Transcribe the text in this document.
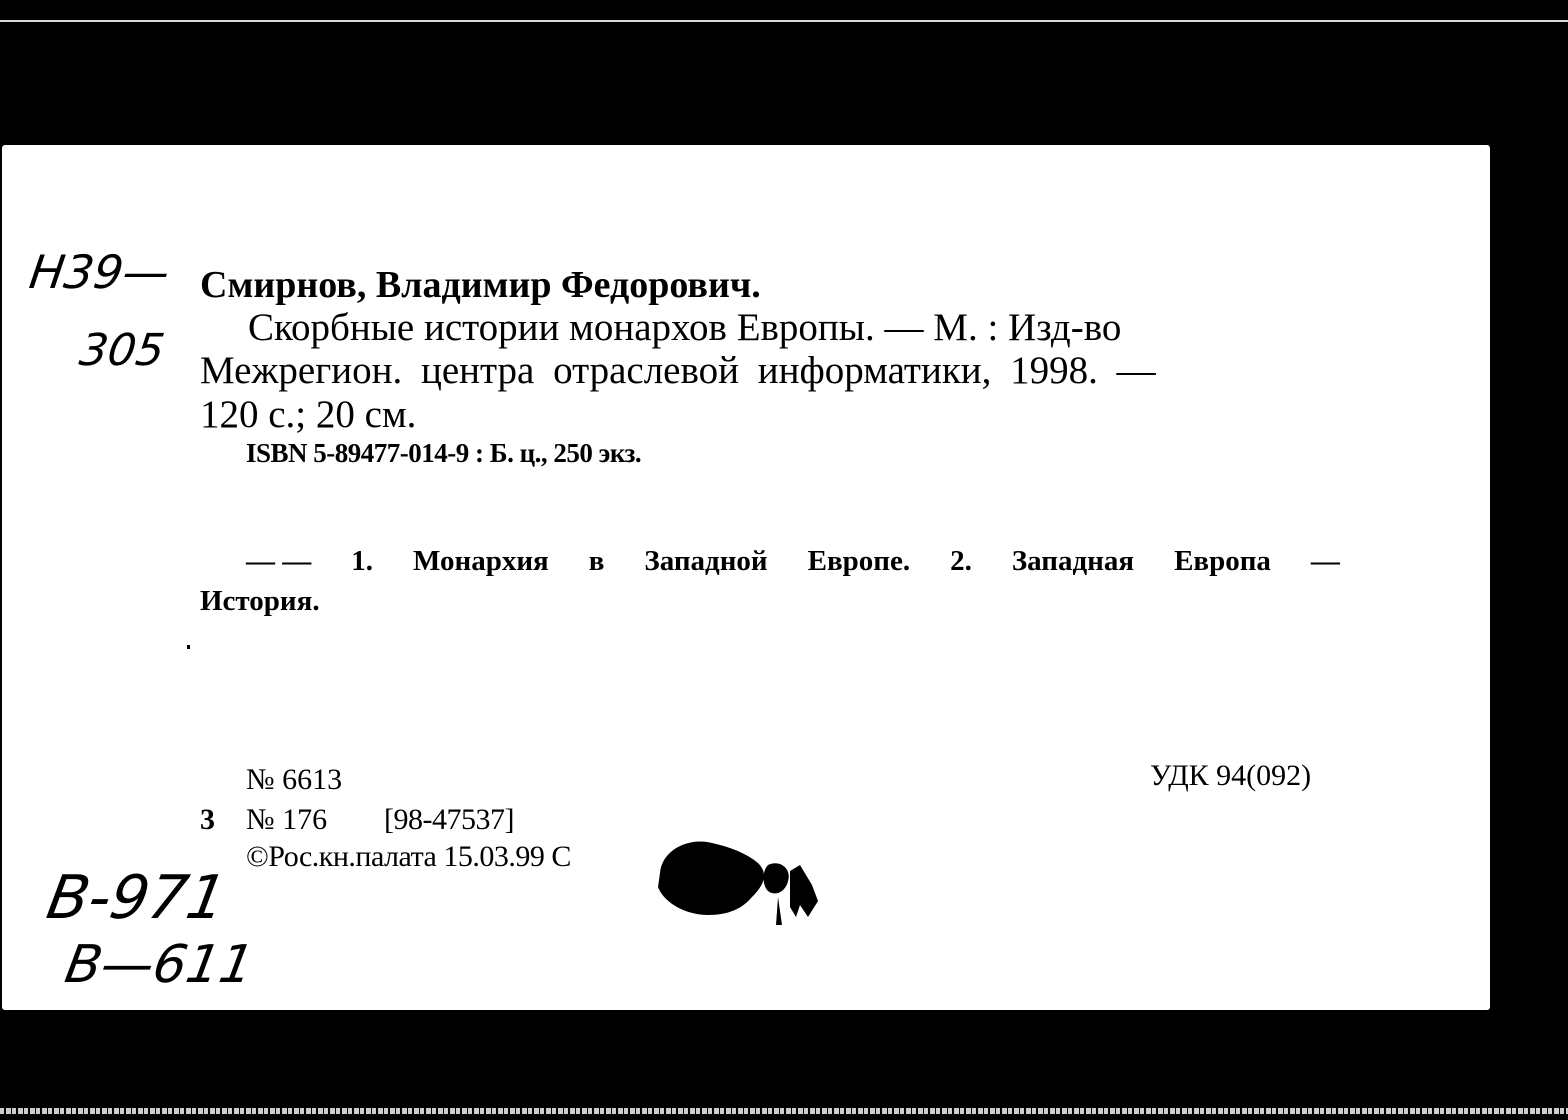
Н39—
305
Смирнов, Владимир Федорович.
Скорбные истории монархов Европы. — М. : Изд-во
Межрегион. центра отраслевой информатики, 1998. —
120 с.; 20 см.
ISBN 5-89477-014-9 : Б. ц., 250 экз.
— — 1. Монархия в Западной Европе. 2. Западная Европа —
История.
№ 6613
3 № 176 [98-47537]
©Рос.кн.палата 15.03.99 С
УДК 94(092)
В-971
В—611
